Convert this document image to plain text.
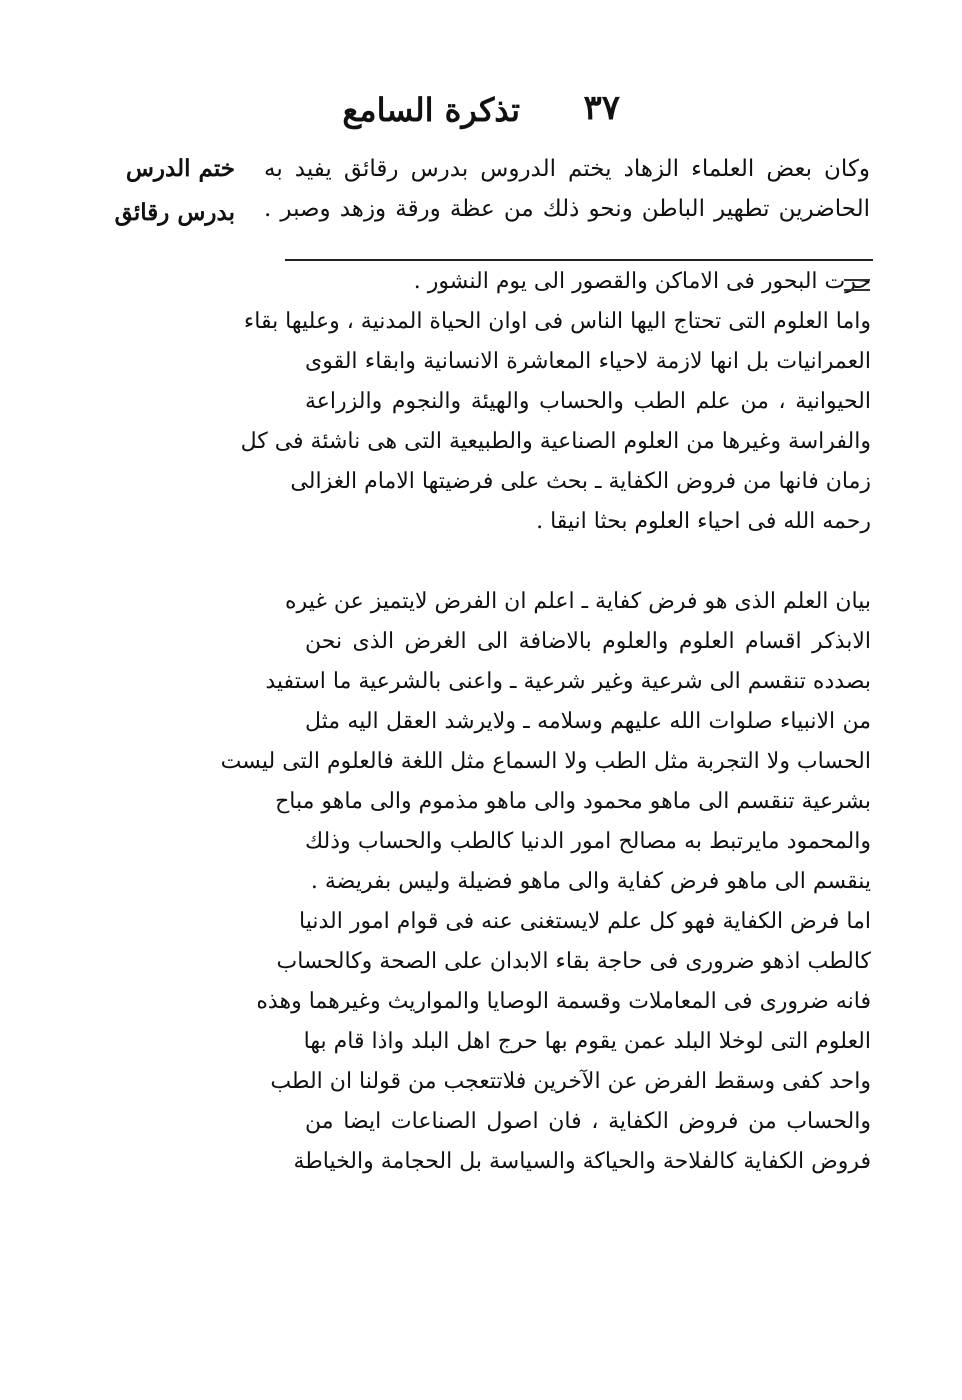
٣٧
تذكرة السامع
وكان بعض العلماء الزهاد يختم الدروس بدرس رقائق يفيد به
الحاضرين تطهير الباطن ونحو ذلك من عظة ورقة وزهد وصبر .
ختم الدرس
بدرس رقائق
جرت البحور فى الاماكن والقصور الى يوم النشور .
واما العلوم التى تحتاج اليها الناس فى اوان الحياة المدنية ، وعليها بقاء
العمرانيات بل انها لازمة لاحياء المعاشرة الانسانية وابقاء القوى
الحيوانية ، من علم الطب والحساب والهيئة والنجوم والزراعة
والفراسة وغيرها من العلوم الصناعية والطبيعية التى هى ناشئة فى كل
زمان فانها من فروض الكفاية ـ بحث على فرضيتها الامام الغزالى
رحمه الله فى احياء العلوم بحثا انيقا .
بيان العلم الذى هو فرض كفاية ـ اعلم ان الفرض لايتميز عن غيره
الابذكر اقسام العلوم والعلوم بالاضافة الى الغرض الذى نحن
بصدده تنقسم الى شرعية وغير شرعية ـ واعنى بالشرعية ما استفيد
من الانبياء صلوات الله عليهم وسلامه ـ ولايرشد العقل اليه مثل
الحساب ولا التجربة مثل الطب ولا السماع مثل اللغة فالعلوم التى ليست
بشرعية تنقسم الى ماهو محمود والى ماهو مذموم والى ماهو مباح
والمحمود مايرتبط به مصالح امور الدنيا كالطب والحساب وذلك
ينقسم الى ماهو فرض كفاية والى ماهو فضيلة وليس بفريضة .
اما فرض الكفاية فهو كل علم لايستغنى عنه فى قوام امور الدنيا
كالطب اذهو ضرورى فى حاجة بقاء الابدان على الصحة وكالحساب
فانه ضرورى فى المعاملات وقسمة الوصايا والمواريث وغيرهما وهذه
العلوم التى لوخلا البلد عمن يقوم بها حرج اهل البلد واذا قام بها
واحد كفى وسقط الفرض عن الآخرين فلاتتعجب من قولنا ان الطب
والحساب من فروض الكفاية ، فان اصول الصناعات ايضا من
فروض الكفاية كالفلاحة والحياكة والسياسة بل الحجامة والخياطة
